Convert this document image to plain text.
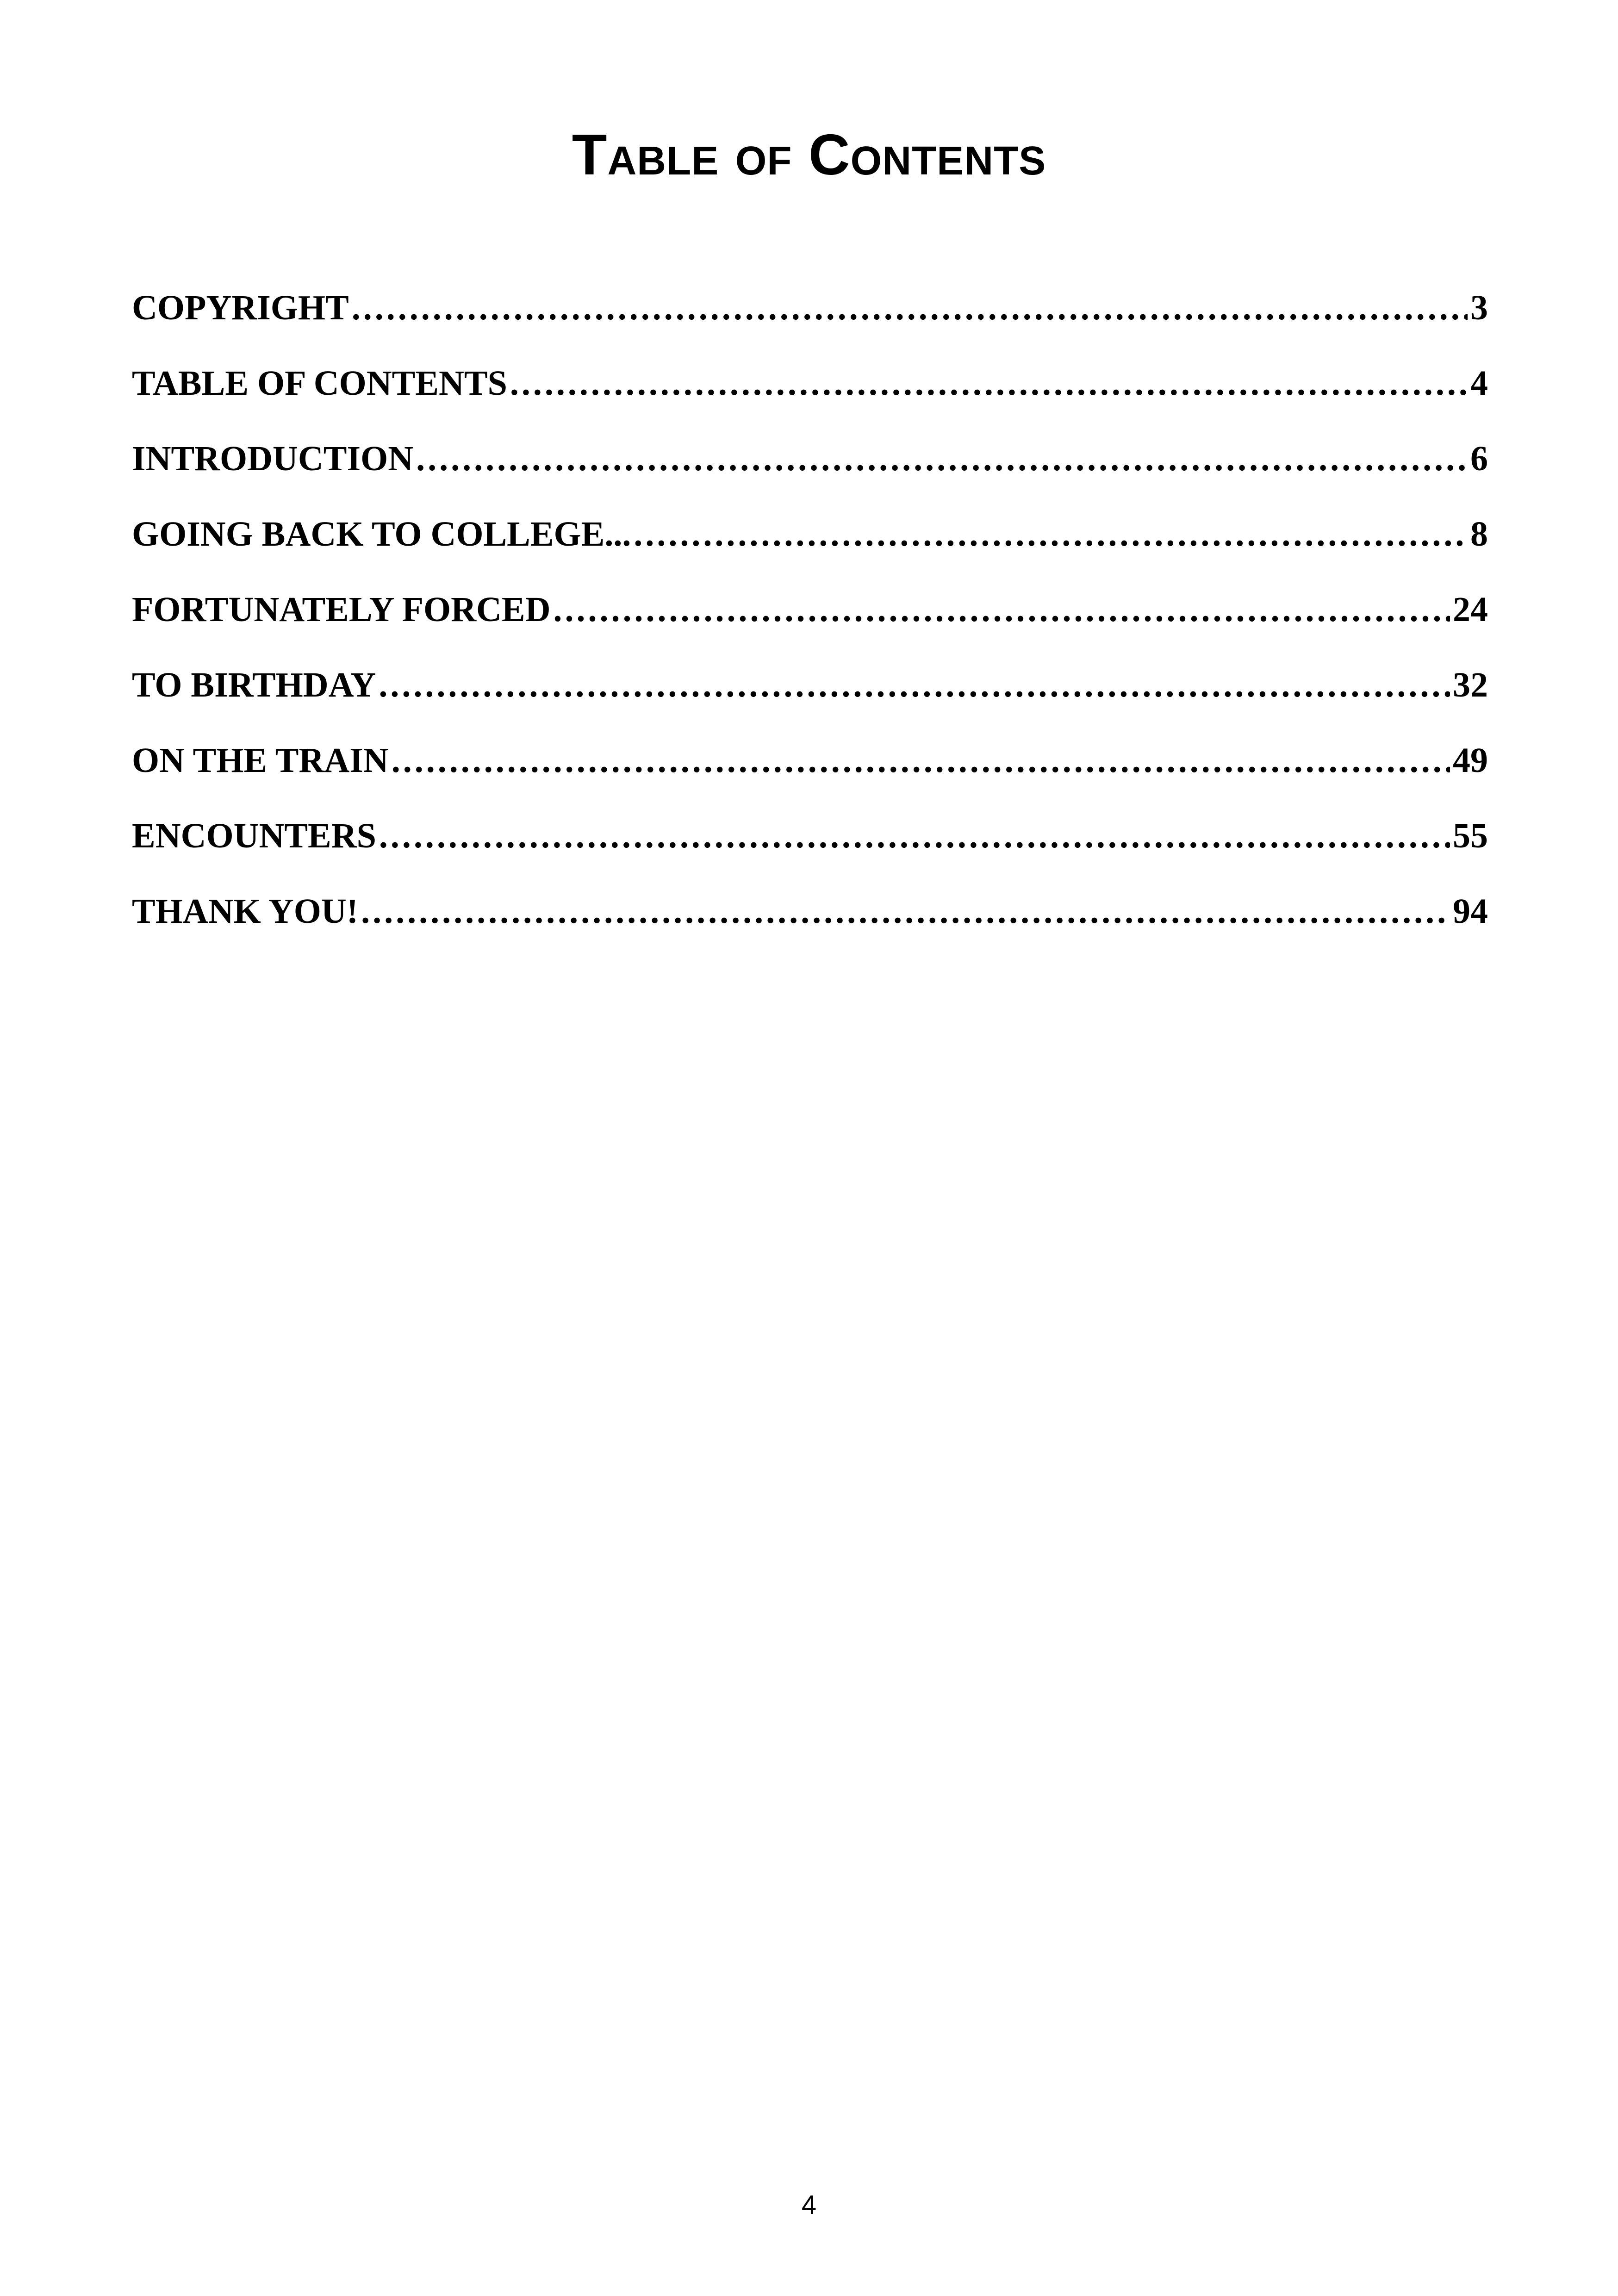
Table of Contents
COPYRIGHT .....	3
TABLE OF CONTENTS .....	4
INTRODUCTION .....	6
GOING BACK TO COLLEGE... .....	8
FORTUNATELY FORCED .....	24
TO BIRTHDAY .....	32
ON THE TRAIN .....	49
ENCOUNTERS .....	55
THANK YOU! .....	94
4
